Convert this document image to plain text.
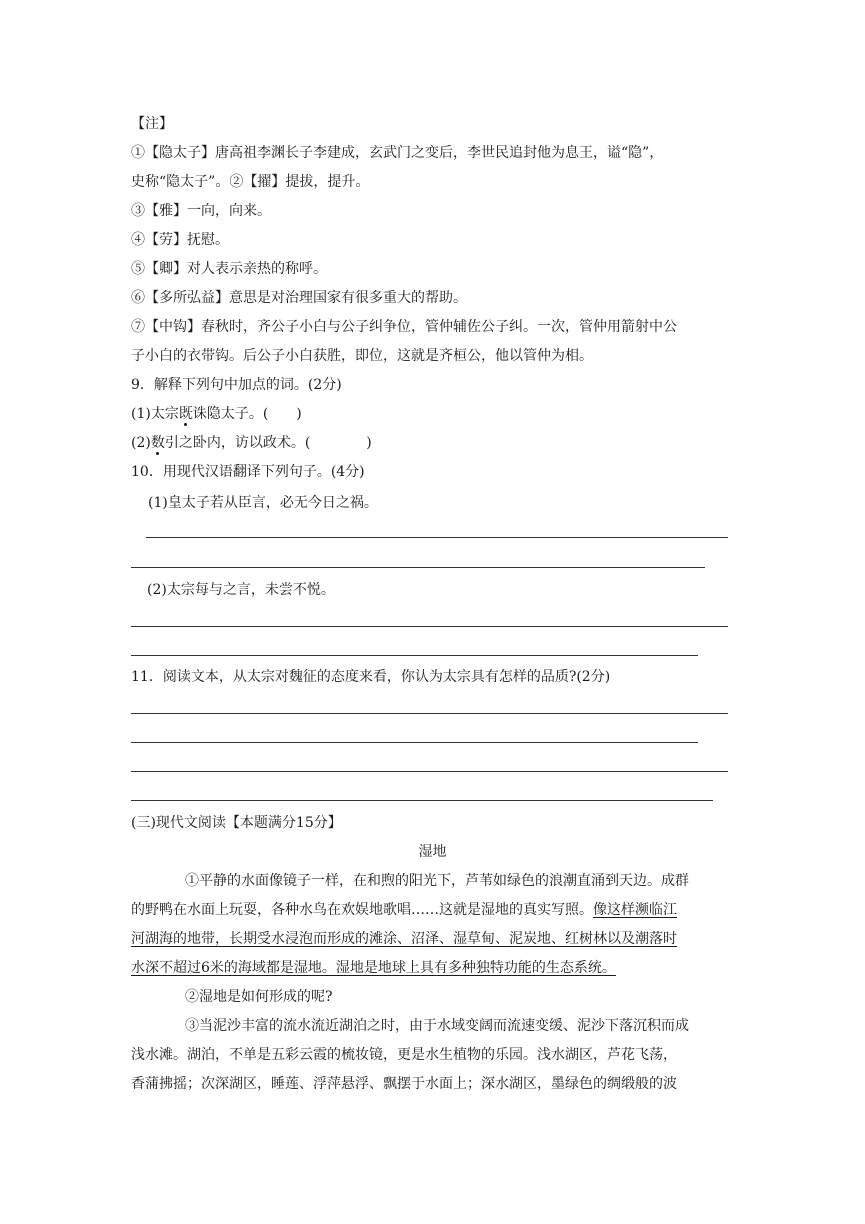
【注】
①【隐太子】唐高祖李渊长子李建成，玄武门之变后，李世民追封他为息王，谥“隐”，
史称“隐太子”。②【擢】提拔，提升。
③【雅】一向，向来。
④【劳】抚慰。
⑤【卿】对人表示亲热的称呼。
⑥【多所弘益】意思是对治理国家有很多重大的帮助。
⑦【中钩】春秋时，齐公子小白与公子纠争位，管仲辅佐公子纠。一次，管仲用箭射中公
子小白的衣带钩。后公子小白获胜，即位，这就是齐桓公，他以管仲为相。
9．解释下列句中加点的词。(2分)
(1)太宗既诛隐太子。(　　)
(2)数引之卧内，访以政术。(　　　　)
10．用现代汉语翻译下列句子。(4分)
(1)皇太子若从臣言，必无今日之祸。
(2)太宗每与之言，未尝不悦。
11．阅读文本，从太宗对魏征的态度来看，你认为太宗具有怎样的品质?(2分)
(三)现代文阅读【本题满分15分】
湿地
①平静的水面像镜子一样，在和煦的阳光下，芦苇如绿色的浪潮直涌到天边。成群
的野鸭在水面上玩耍，各种水鸟在欢娱地歌唱……这就是湿地的真实写照。像这样濒临江
河湖海的地带，长期受水浸泡而形成的滩涂、沼泽、湿草甸、泥炭地、红树林以及潮落时
水深不超过6米的海域都是湿地。湿地是地球上具有多种独特功能的生态系统。
②湿地是如何形成的呢?
③当泥沙丰富的流水流近湖泊之时，由于水域变阔而流速变缓、泥沙下落沉积而成
浅水滩。湖泊，不单是五彩云霞的梳妆镜，更是水生植物的乐园。浅水湖区，芦花飞荡，
香蒲拂摇；次深湖区，睡莲、浮萍悬浮、飘摆于水面上；深水湖区，墨绿色的绸缎般的波
